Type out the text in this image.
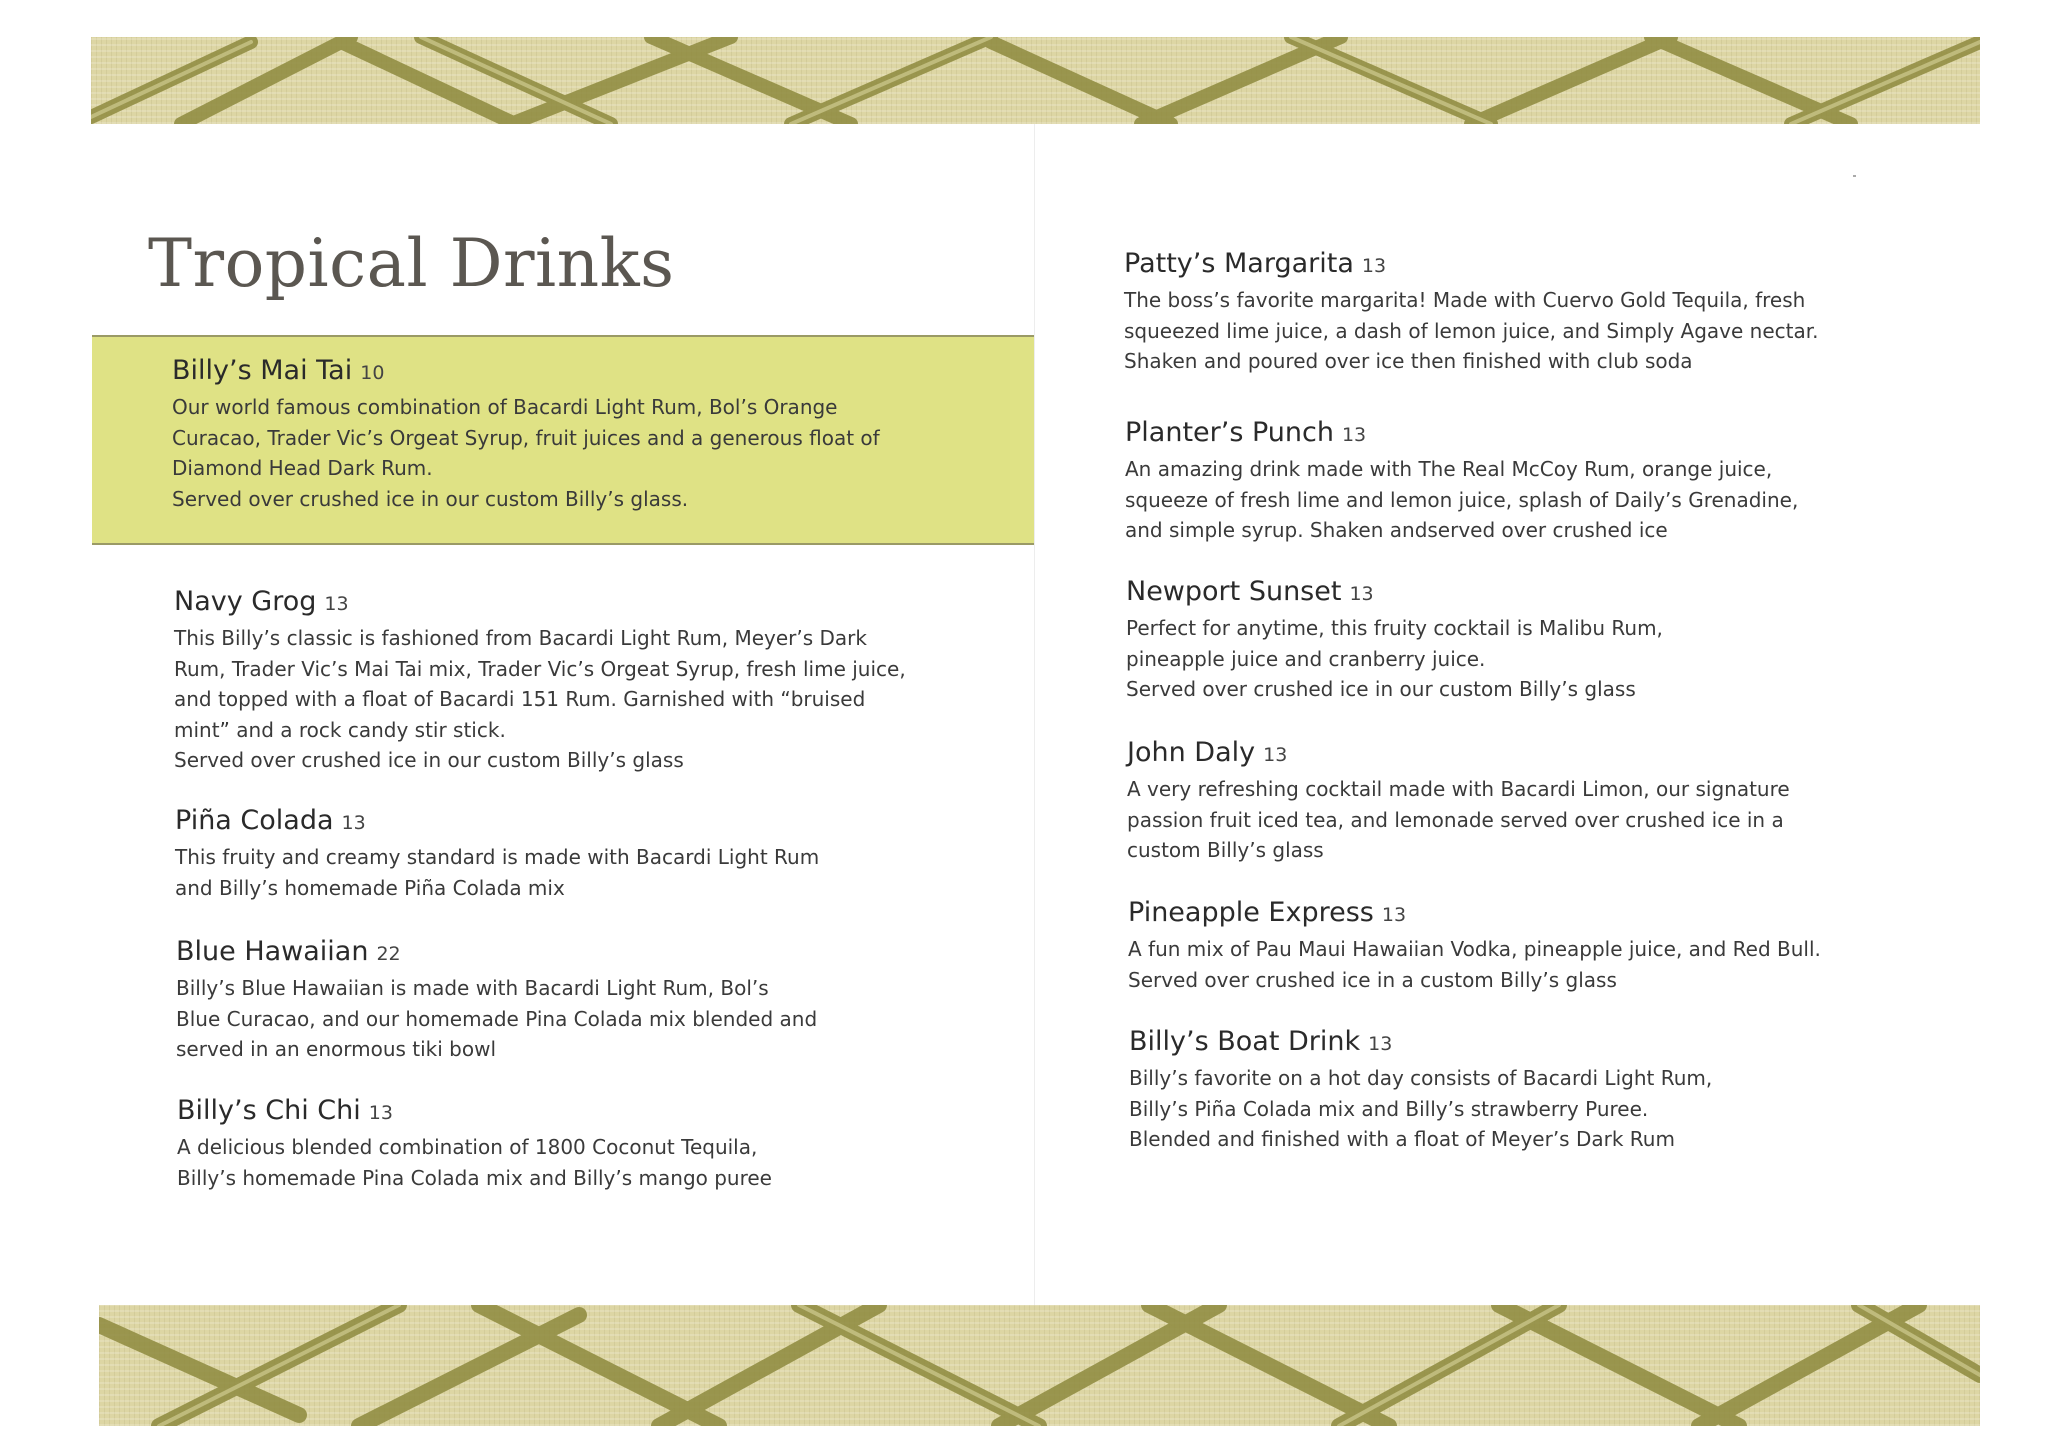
Tropical Drinks
Billy’s Mai Tai 10
Our world famous combination of Bacardi Light Rum, Bol’s Orange
Curacao, Trader Vic’s Orgeat Syrup, fruit juices and a generous float of
Diamond Head Dark Rum.
Served over crushed ice in our custom Billy’s glass.
Navy Grog 13
This Billy’s classic is fashioned from Bacardi Light Rum, Meyer’s Dark
Rum, Trader Vic’s Mai Tai mix, Trader Vic’s Orgeat Syrup, fresh lime juice,
and topped with a float of Bacardi 151 Rum. Garnished with “bruised
mint” and a rock candy stir stick.
Served over crushed ice in our custom Billy’s glass
Piña Colada 13
This fruity and creamy standard is made with Bacardi Light Rum
and Billy’s homemade Piña Colada mix
Blue Hawaiian 22
Billy’s Blue Hawaiian is made with Bacardi Light Rum, Bol’s
Blue Curacao, and our homemade Pina Colada mix blended and
served in an enormous tiki bowl
Billy’s Chi Chi 13
A delicious blended combination of 1800 Coconut Tequila,
Billy’s homemade Pina Colada mix and Billy’s mango puree
Patty’s Margarita 13
The boss’s favorite margarita! Made with Cuervo Gold Tequila, fresh
squeezed lime juice, a dash of lemon juice, and Simply Agave nectar.
Shaken and poured over ice then finished with club soda
Planter’s Punch 13
An amazing drink made with The Real McCoy Rum, orange juice,
squeeze of fresh lime and lemon juice, splash of Daily’s Grenadine,
and simple syrup. Shaken andserved over crushed ice
Newport Sunset 13
Perfect for anytime, this fruity cocktail is Malibu Rum,
pineapple juice and cranberry juice.
Served over crushed ice in our custom Billy’s glass
John Daly 13
A very refreshing cocktail made with Bacardi Limon, our signature
passion fruit iced tea, and lemonade served over crushed ice in a
custom Billy’s glass
Pineapple Express 13
A fun mix of Pau Maui Hawaiian Vodka, pineapple juice, and Red Bull.
Served over crushed ice in a custom Billy’s glass
Billy’s Boat Drink 13
Billy’s favorite on a hot day consists of Bacardi Light Rum,
Billy’s Piña Colada mix and Billy’s strawberry Puree.
Blended and finished with a float of Meyer’s Dark Rum
